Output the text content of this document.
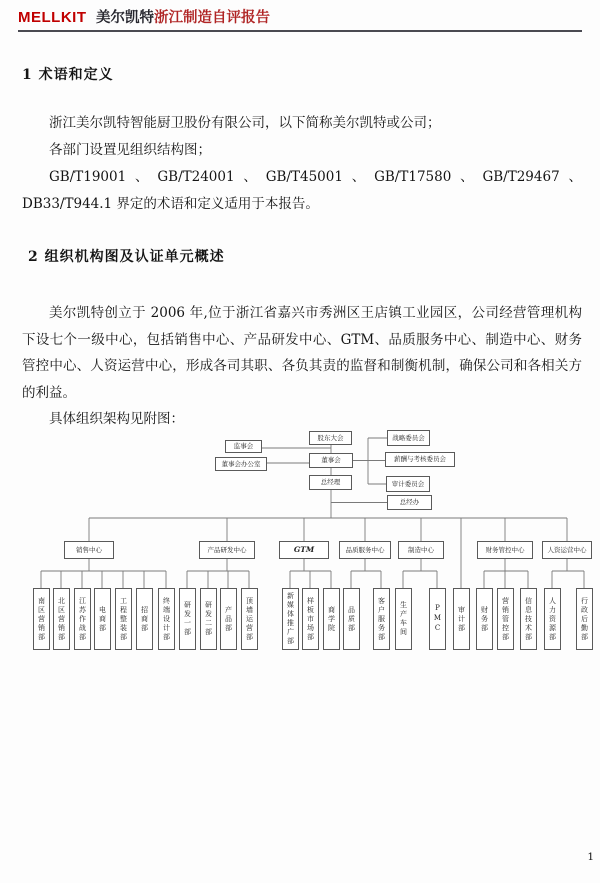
MELLKIT 美尔凯特浙江制造自评报告
1 术语和定义

浙江美尔凯特智能厨卫股份有限公司，以下简称美尔凯特或公司；

各部门设置见组织结构图；

GB/T19001、GB/T24001、GB/T45001、GB/T17580、GB/T29467、DB33/T944.1 界定的术语和定义适用于本报告。

2 组织机构图及认证单元概述

美尔凯特创立于 2006 年,位于浙江省嘉兴市秀洲区王店镇工业园区，公司经营管理机构下设七个一级中心，包括销售中心、产品研发中心、GTM、品质服务中心、制造中心、财务管控中心、人资运营中心，形成各司其职、各负其责的监督和制衡机制，确保公司和各相关方的利益。

具体组织架构见附图：

股东大会
监事会
董事会办公室	董事会
战略委员会
薪酬与考核委员会
审计委员会
总经理
总经办
销售中心
南区营销部	北区营销部	江苏作战部	电商部	工程整装部	招商部	终端设计部
产品研发中心
研发一部	研发二部	产品部	顶墙运营部
GTM
新媒体推广部	样板市场部	商学院
品质服务中心
品质部	客户服务部
制造中心
生产车间	PMC
财务管控中心
财务部	营销管控部	信息技术部
人资运营中心
人力资源部	行政后勤部
审计部
1
